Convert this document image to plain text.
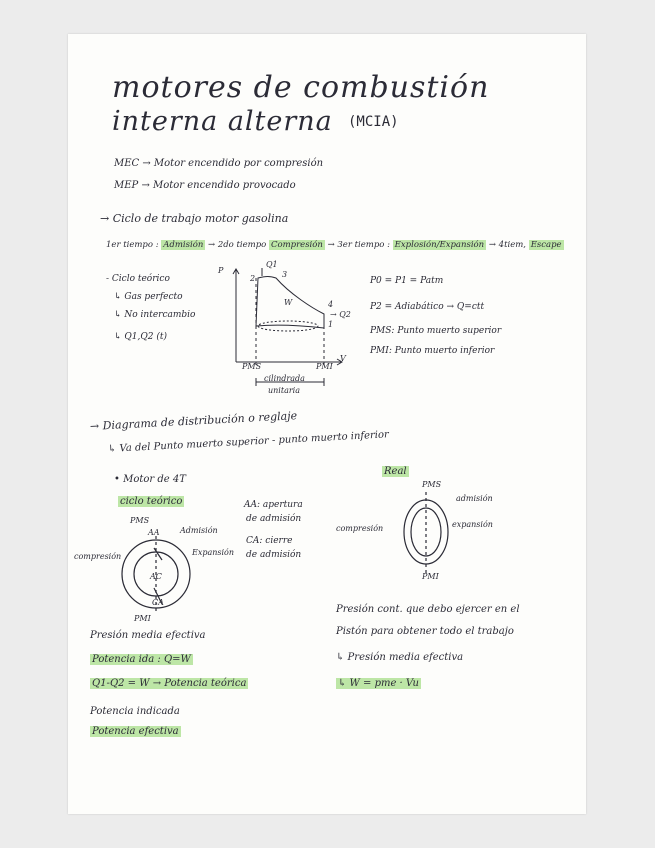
motores de combustión
interna alterna (MCIA)
MEC → Motor encendido por compresión
MEP → Motor encendido provocado
→ Ciclo de trabajo motor gasolina
1er tiempo : Admisión → 2do tiempo Compresión → 3er tiempo : Explosión/Expansión → 4tiem, Escape
- Ciclo teórico
↳ Gas perfecto
↳ No intercambio
↳ Q1,Q2 (t)
P
V
Q1
→ Q2
2	3
4
1
W
PMS	PMI
cilindrada
unitaria
P0 = P1 = Patm
P2 = Adiabático → Q=ctt
PMS: Punto muerto superior
PMI: Punto muerto inferior
→ Diagrama de distribución o reglaje
↳ Va del Punto muerto superior - punto muerto inferior
• Motor de 4T
ciclo teórico
PMS
AA	Admisión
compresión	Expansión
AC
CA
PMI
AA: apertura
de admisión
CA: cierre
de admisión
Real
PMS
admisión
compresión	expansión
PMI
Presión media efectiva
Potencia ida : Q=W
Q1-Q2 = W → Potencia teórica
Potencia indicada
Potencia efectiva
Presión cont. que debo ejercer en el
Pistón para obtener todo el trabajo
↳ Presión media efectiva
↳ W = pme · Vu
